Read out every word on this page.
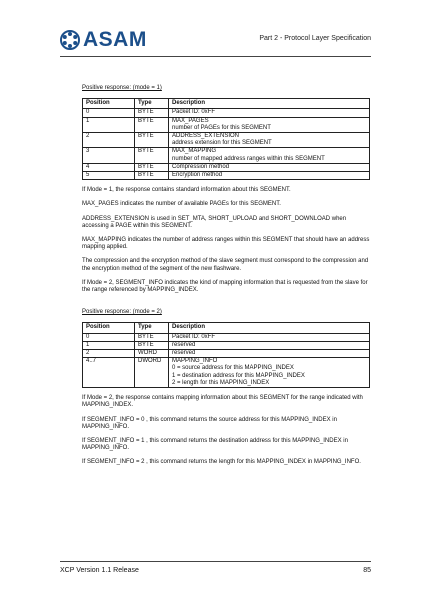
ASAM	Part 2 - Protocol Layer Specification
Positive response: (mode = 1)
Position	Type	Description
0	BYTE	Packet ID: 0xFF

1	BYTE	MAX_PAGES
number of PAGEs for this SEGMENT

2	BYTE	ADDRESS_EXTENSION
address extension for this SEGMENT

3	BYTE	MAX_MAPPING
number of mapped address ranges within this SEGMENT

4	BYTE	Compression method

5	BYTE	Encryption method

If Mode = 1, the response contains standard information about this SEGMENT.

MAX_PAGES indicates the number of available PAGEs for this SEGMENT.

ADDRESS_EXTENSION is used in SET_MTA, SHORT_UPLOAD and SHORT_DOWNLOAD when accessing a PAGE within this SEGMENT.

MAX_MAPPING indicates the number of address ranges within this SEGMENT that should have an address mapping applied.

The compression and the encryption method of the slave segment must correspond to the compression and the encryption method of the segment of the new flashware.

If Mode = 2, SEGMENT_INFO indicates the kind of mapping information that is requested from the slave for the range referenced by MAPPING_INDEX.

Positive response: (mode = 2)
Position	Type	Description
0	BYTE	Packet ID: 0xFF

1	BYTE	reserved

2	WORD	reserved

4..7	DWORD	MAPPING_INFO
0 = source address for this MAPPING_INDEX
1 = destination address for this MAPPING_INDEX
2 = length for this MAPPING_INDEX

If Mode = 2, the response contains mapping information about this SEGMENT for the range indicated with MAPPING_INDEX.

If SEGMENT_INFO = 0 , this command returns the source address for this MAPPING_INDEX in MAPPING_INFO.

If SEGMENT_INFO = 1 , this command returns the destination address for this MAPPING_INDEX in MAPPING_INFO.

If SEGMENT_INFO = 2 , this command returns the length for this MAPPING_INDEX in MAPPING_INFO.

XCP Version 1.1 Release	85
